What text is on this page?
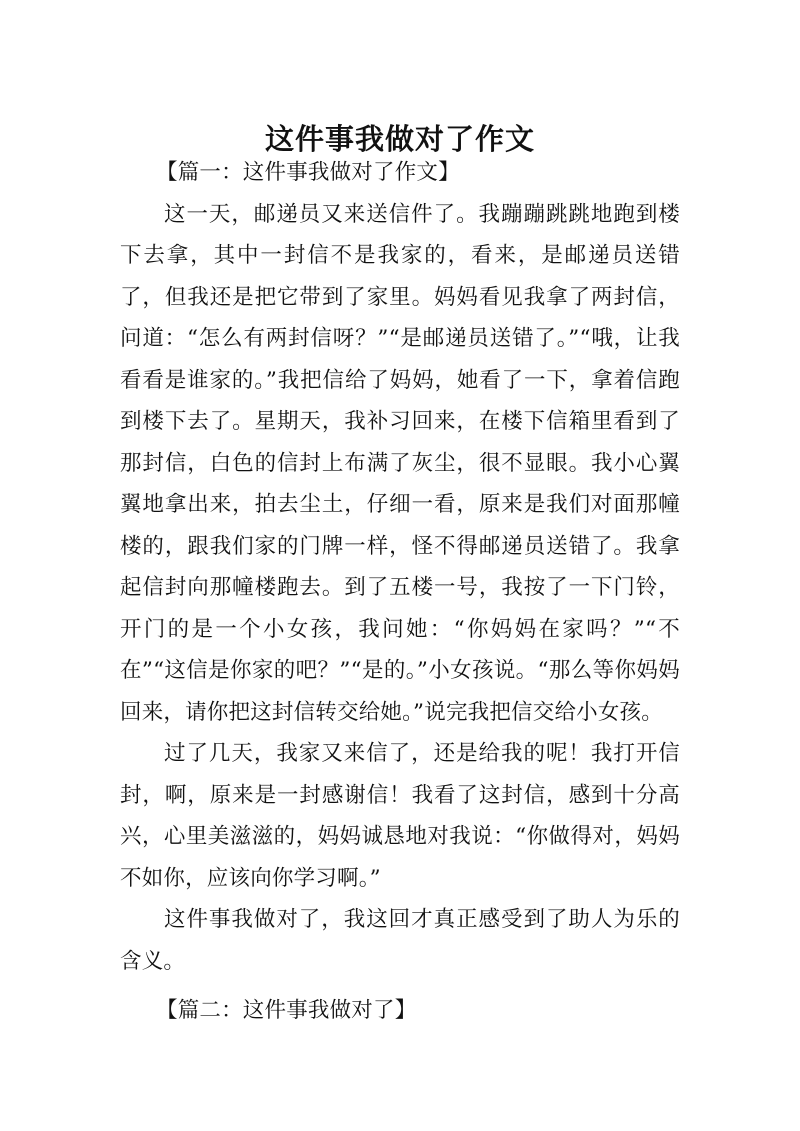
这件事我做对了作文

【篇一：这件事我做对了作文】

这一天，邮递员又来送信件了。我蹦蹦跳跳地跑到楼下去拿，其中一封信不是我家的，看来，是邮递员送错了，但我还是把它带到了家里。妈妈看见我拿了两封信，问道：“怎么有两封信呀？”“是邮递员送错了。”“哦，让我看看是谁家的。”我把信给了妈妈，她看了一下，拿着信跑到楼下去了。星期天，我补习回来，在楼下信箱里看到了那封信，白色的信封上布满了灰尘，很不显眼。我小心翼翼地拿出来，拍去尘土，仔细一看，原来是我们对面那幢楼的，跟我们家的门牌一样，怪不得邮递员送错了。我拿起信封向那幢楼跑去。到了五楼一号，我按了一下门铃，开门的是一个小女孩，我问她：“你妈妈在家吗？”“不在”“这信是你家的吧？”“是的。”小女孩说。“那么等你妈妈回来，请你把这封信转交给她。”说完我把信交给小女孩。

过了几天，我家又来信了，还是给我的呢！我打开信封，啊，原来是一封感谢信！我看了这封信，感到十分高兴，心里美滋滋的，妈妈诚恳地对我说：“你做得对，妈妈不如你，应该向你学习啊。”

这件事我做对了，我这回才真正感受到了助人为乐的含义。

【篇二：这件事我做对了】
